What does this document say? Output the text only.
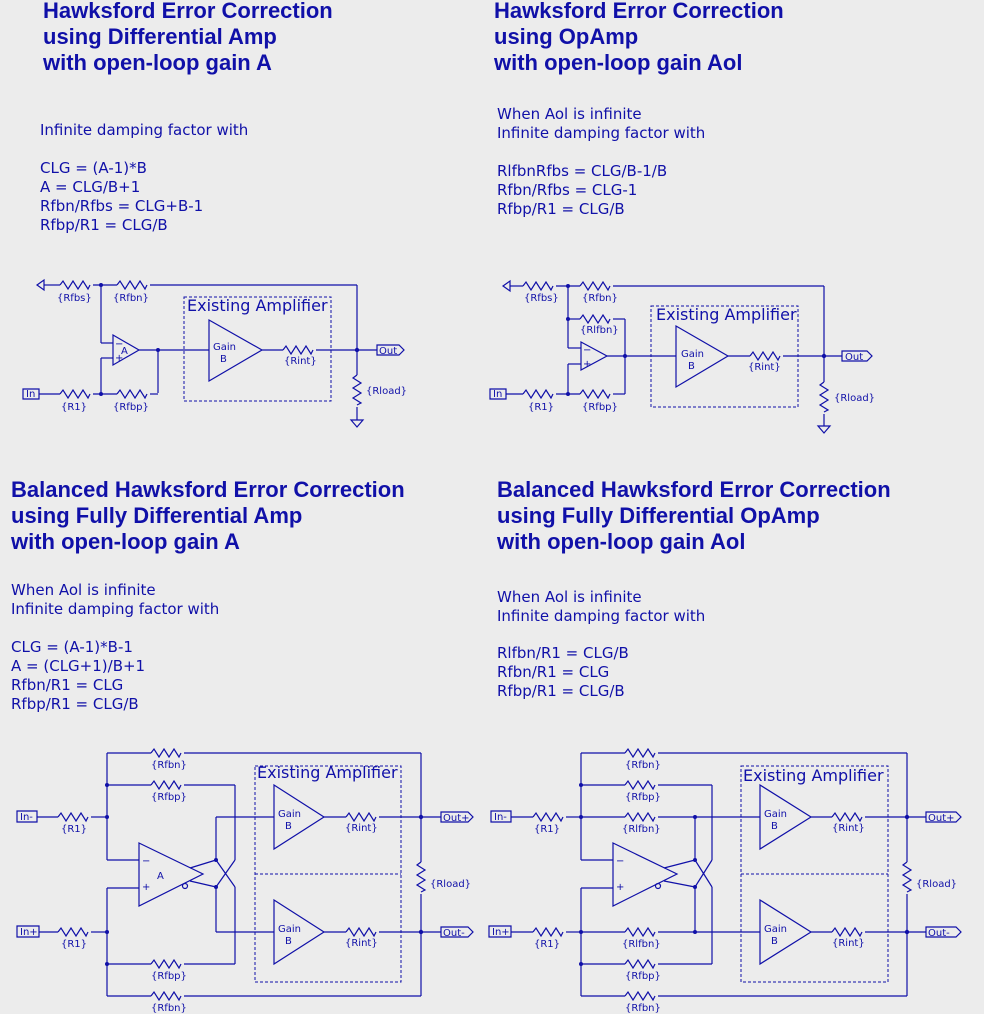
Hawksford Error Correction
using Differential Amp
with open-loop gain A
Infinite damping factor with
CLG = (A-1)*B
A = CLG/B+1
Rfbn/Rfbs = CLG+B-1
Rfbp/R1 = CLG/B
−
+
A
In
Existing Amplifier
Gain
B
Out
{Rfbs} {Rfbn}
{R1}	{Rfbp}
{Rint}
{Rload}
Hawksford Error Correction
using OpAmp
with open-loop gain Aol
When Aol is infinite
Infinite damping factor with
RlfbnRfbs = CLG/B-1/B
Rfbn/Rfbs = CLG-1
Rfbp/R1 = CLG/B
−
+
In
Existing Amplifier
Gain
B
Out
{Rfbs} {Rfbn}
{Rlfbn}
{R1}	{Rfbp}
{Rint}
{Rload}
Balanced Hawksford Error Correction
using Fully Differential Amp
with open-loop gain A
When Aol is infinite
Infinite damping factor with
CLG = (A-1)*B-1
A = (CLG+1)/B+1
Rfbn/R1 = CLG
Rfbp/R1 = CLG/B
In-
−
+
A
In+
Existing Amplifier
Gain
B
Gain
B
Out+
Out-
{Rfbn}
{Rfbp}
{R1}
{R1}
{Rfbp}
{Rfbn}
{Rint}
{Rint}
{Rload}
Balanced Hawksford Error Correction
using Fully Differential OpAmp
with open-loop gain Aol
When Aol is infinite
Infinite damping factor with
Rlfbn/R1 = CLG/B
Rfbn/R1 = CLG
Rfbp/R1 = CLG/B
In-
−
+
In+
Existing Amplifier
Gain
B
Gain
B
Out+
Out-
{Rfbn}
{Rfbp}
{Rlfbn}
{R1}
{R1}	{Rlfbn}
{Rfbp}
{Rfbn}
{Rint}
{Rint}
{Rload}
